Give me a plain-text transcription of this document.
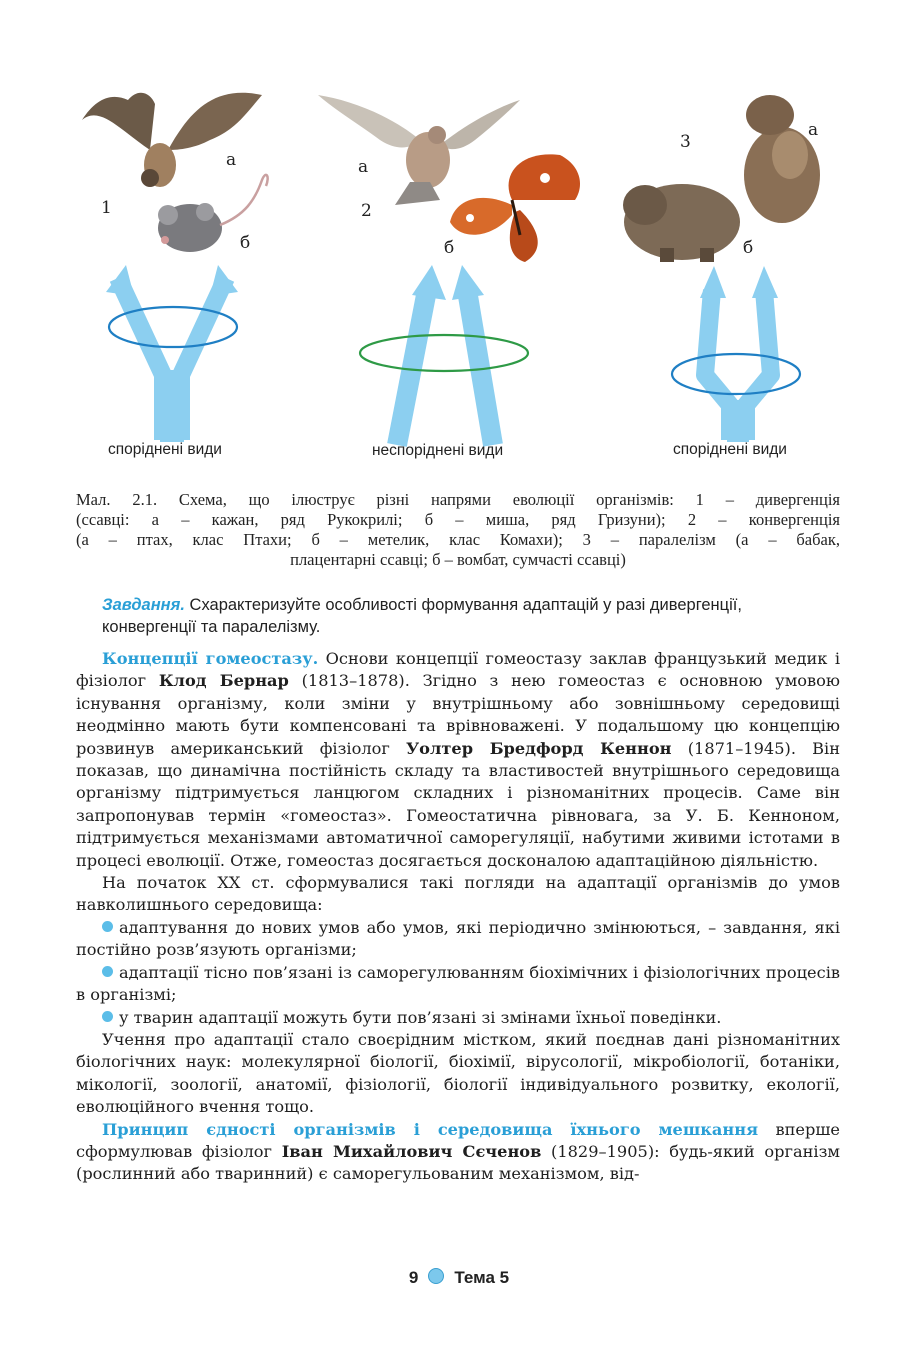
1
а
б
споріднені види
2
а
б
неспоріднені види
3
а
б
споріднені види
Мал. 2.1. Схема, що ілюструє різні напрями еволюції організмів: 1 – дивергенція
(ссавці: а – кажан, ряд Рукокрилі; б – миша, ряд Гризуни); 2 – конвергенція
(а – птах, клас Птахи; б – метелик, клас Комахи); 3 – паралелізм (а – бабак,
плацентарні ссавці; б – вомбат, сумчасті ссавці)
Завдання. Схарактеризуйте особливості формування адаптацій у разі дивергенції, конвергенції та паралелізму.

Концепції гомеостазу. Основи концепції гомеостазу заклав французький медик і фізіолог Клод Бернар (1813–1878). Згідно з нею гомеостаз є основною умовою існування організму, коли зміни у внутрішньому або зовнішньому середовищі неодмінно мають бути компенсовані та врівноважені. У подальшому цю концепцію розвинув американський фізіолог Уолтер Бредфорд Кеннон (1871–1945). Він показав, що динамічна постійність складу та властивостей внутрішнього середовища організму підтримується ланцюгом складних і різноманітних процесів. Саме він запропонував термін «гомеостаз». Гомеостатична рівновага, за У. Б. Кенноном, підтримується механізмами автоматичної саморегуляції, набутими живими істотами в процесі еволюції. Отже, гомеостаз досягається досконалою адаптаційною діяльністю.

На початок XX ст. сформувалися такі погляди на адаптації організмів до умов навколишнього середовища:

адаптування до нових умов або умов, які періодично змінюються, – завдання, які постійно розв’язують організми;

адаптації тісно пов’язані із саморегулюванням біохімічних і фізіологічних процесів в організмі;

у тварин адаптації можуть бути пов’язані зі змінами їхньої поведінки.

Учення про адаптації стало своєрідним містком, який поєднав дані різноманітних біологічних наук: молекулярної біології, біохімії, вірусології, мікробіології, ботаніки, мікології, зоології, анатомії, фізіології, біології індивідуального розвитку, екології, еволюційного вчення тощо.

Принцип єдності організмів і середовища їхнього мешкання вперше сформулював фізіолог Іван Михайлович Сєченов (1829–1905): будь-який організм (рослинний або тваринний) є саморегульованим механізмом, від-

9 Тема 5
